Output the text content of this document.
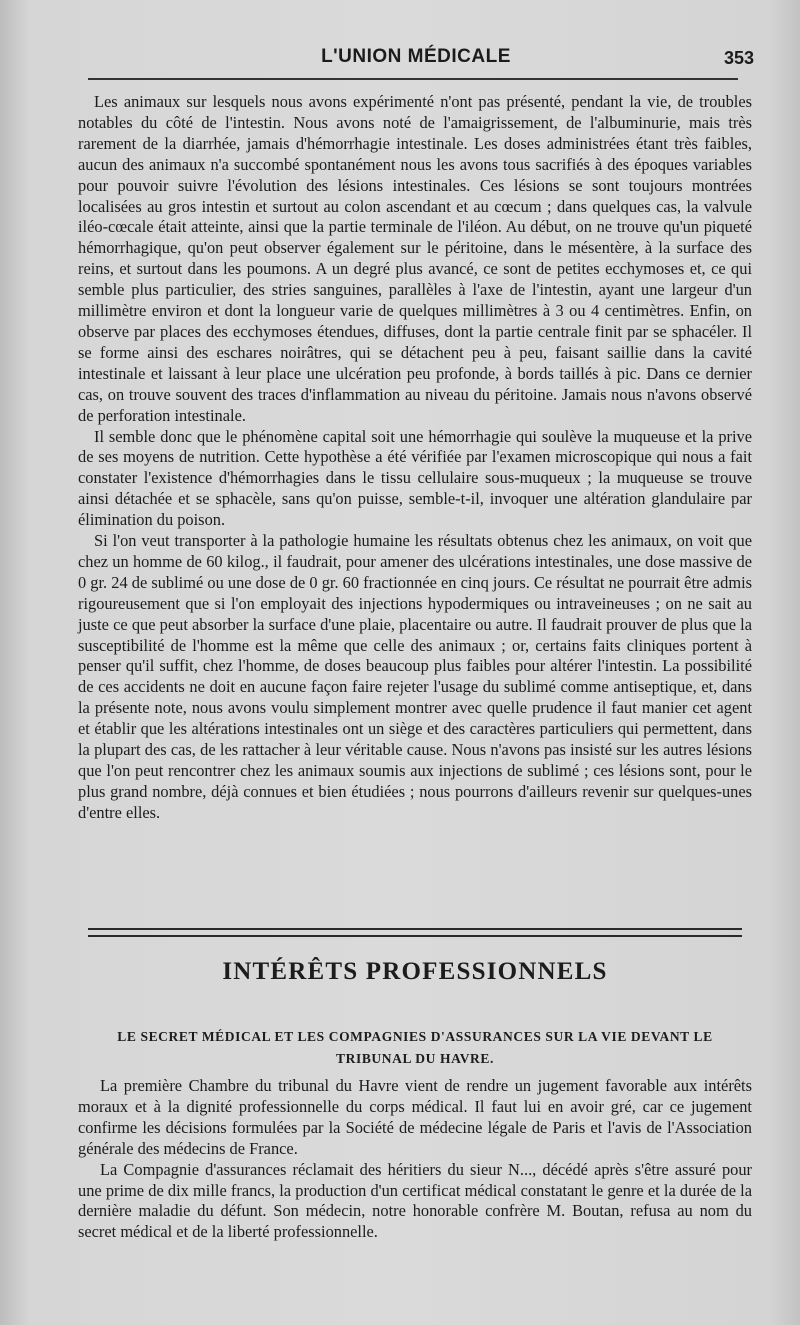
L'UNION MÉDICALE	353

Les animaux sur lesquels nous avons expérimenté n'ont pas présenté, pendant la vie, de troubles notables du côté de l'intestin. Nous avons noté de l'amaigrissement, de l'albuminurie, mais très rarement de la diarrhée, jamais d'hémorrhagie intestinale. Les doses administrées étant très faibles, aucun des animaux n'a succombé spontanément nous les avons tous sacrifiés à des époques variables pour pouvoir suivre l'évolution des lésions intestinales. Ces lésions se sont toujours montrées localisées au gros intestin et surtout au colon ascendant et au cœcum ; dans quelques cas, la valvule iléo-cœcale était atteinte, ainsi que la partie terminale de l'iléon. Au début, on ne trouve qu'un piqueté hémorrhagique, qu'on peut observer également sur le péritoine, dans le mésentère, à la surface des reins, et surtout dans les poumons. A un degré plus avancé, ce sont de petites ecchymoses et, ce qui semble plus particulier, des stries sanguines, parallèles à l'axe de l'intestin, ayant une largeur d'un millimètre environ et dont la longueur varie de quelques millimètres à 3 ou 4 centimètres. Enfin, on observe par places des ecchymoses étendues, diffuses, dont la partie centrale finit par se sphacéler. Il se forme ainsi des eschares noirâtres, qui se détachent peu à peu, faisant saillie dans la cavité intestinale et laissant à leur place une ulcération peu profonde, à bords taillés à pic. Dans ce dernier cas, on trouve souvent des traces d'inflammation au niveau du péritoine. Jamais nous n'avons observé de perforation intestinale.

Il semble donc que le phénomène capital soit une hémorrhagie qui soulève la muqueuse et la prive de ses moyens de nutrition. Cette hypothèse a été vérifiée par l'examen microscopique qui nous a fait constater l'existence d'hémorrhagies dans le tissu cellulaire sous-muqueux ; la muqueuse se trouve ainsi détachée et se sphacèle, sans qu'on puisse, semble-t-il, invoquer une altération glandulaire par élimination du poison.

Si l'on veut transporter à la pathologie humaine les résultats obtenus chez les animaux, on voit que chez un homme de 60 kilog., il faudrait, pour amener des ulcérations intestinales, une dose massive de 0 gr. 24 de sublimé ou une dose de 0 gr. 60 fractionnée en cinq jours. Ce résultat ne pourrait être admis rigoureusement que si l'on employait des injections hypodermiques ou intraveineuses ; on ne sait au juste ce que peut absorber la surface d'une plaie, placentaire ou autre. Il faudrait prouver de plus que la susceptibilité de l'homme est la même que celle des animaux ; or, certains faits cliniques portent à penser qu'il suffit, chez l'homme, de doses beaucoup plus faibles pour altérer l'intestin. La possibilité de ces accidents ne doit en aucune façon faire rejeter l'usage du sublimé comme antiseptique, et, dans la présente note, nous avons voulu simplement montrer avec quelle prudence il faut manier cet agent et établir que les altérations intestinales ont un siège et des caractères particuliers qui permettent, dans la plupart des cas, de les rattacher à leur véritable cause. Nous n'avons pas insisté sur les autres lésions que l'on peut rencontrer chez les animaux soumis aux injections de sublimé ; ces lésions sont, pour le plus grand nombre, déjà connues et bien étudiées ; nous pourrons d'ailleurs revenir sur quelques-unes d'entre elles.

INTÉRÊTS PROFESSIONNELS
LE SECRET MÉDICAL ET LES COMPAGNIES D'ASSURANCES SUR LA VIE DEVANT LE TRIBUNAL DU HAVRE.

La première Chambre du tribunal du Havre vient de rendre un jugement favorable aux intérêts moraux et à la dignité professionnelle du corps médical. Il faut lui en avoir gré, car ce jugement confirme les décisions formulées par la Société de médecine légale de Paris et l'avis de l'Association générale des médecins de France.

La Compagnie d'assurances réclamait des héritiers du sieur N..., décédé après s'être assuré pour une prime de dix mille francs, la production d'un certificat médical constatant le genre et la durée de la dernière maladie du défunt. Son médecin, notre honorable confrère M. Boutan, refusa au nom du secret médical et de la liberté professionnelle.
